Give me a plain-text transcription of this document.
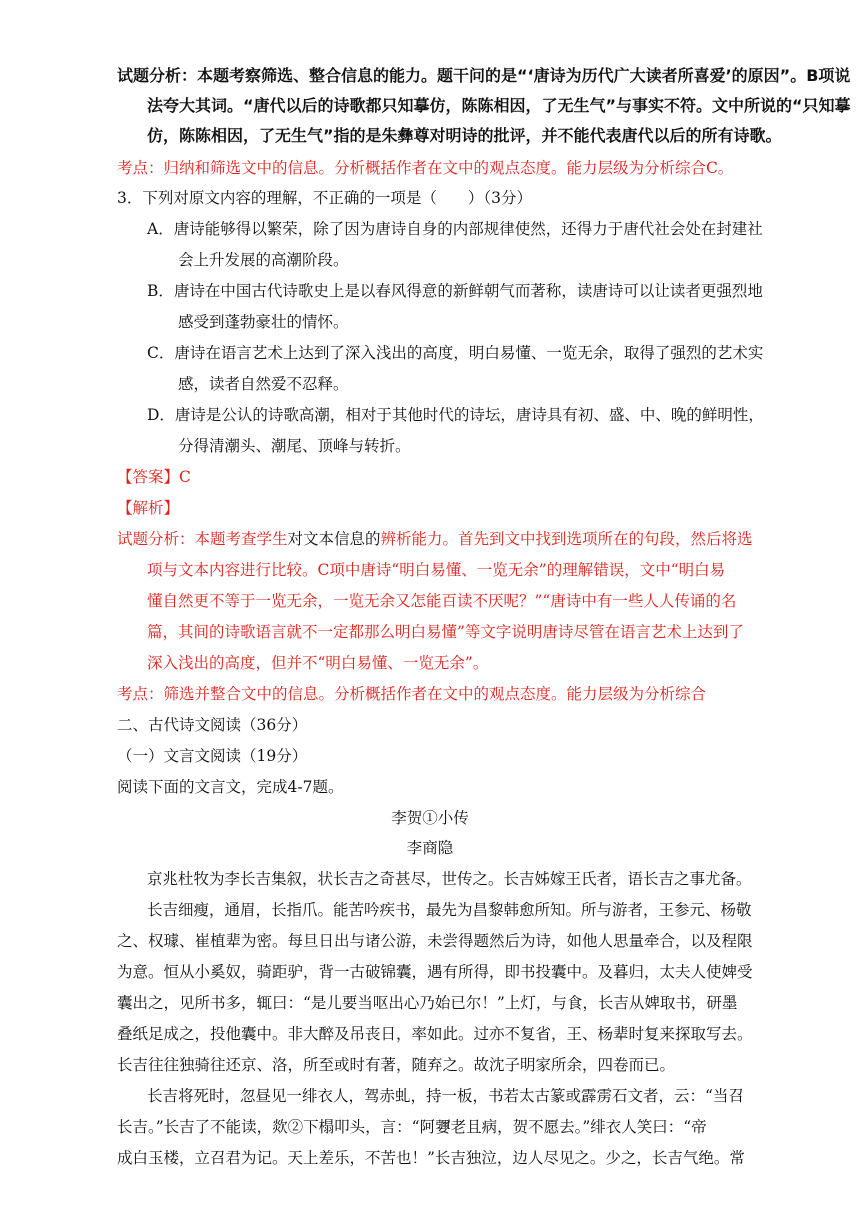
试题分析：本题考察筛选、整合信息的能力。题干问的是“‘唐诗为历代广大读者所喜爱’的原因”。B项说
法夸大其词。“唐代以后的诗歌都只知摹仿，陈陈相因，了无生气”与事实不符。文中所说的“只知摹
仿，陈陈相因，了无生气”指的是朱彝尊对明诗的批评，并不能代表唐代以后的所有诗歌。
考点：归纳和筛选文中的信息。分析概括作者在文中的观点态度。能力层级为分析综合C。
3．下列对原文内容的理解，不正确的一项是（　　）（3分）
A．唐诗能够得以繁荣，除了因为唐诗自身的内部规律使然，还得力于唐代社会处在封建社
会上升发展的高潮阶段。
B．唐诗在中国古代诗歌史上是以春风得意的新鲜朝气而著称，读唐诗可以让读者更强烈地
感受到蓬勃豪壮的情怀。
C．唐诗在语言艺术上达到了深入浅出的高度，明白易懂、一览无余，取得了强烈的艺术实
感，读者自然爱不忍释。
D．唐诗是公认的诗歌高潮，相对于其他时代的诗坛，唐诗具有初、盛、中、晚的鲜明性，
分得清潮头、潮尾、顶峰与转折。
【答案】C
【解析】
试题分析：本题考查学生对文本信息的辨析能力。首先到文中找到选项所在的句段，然后将选
项与文本内容进行比较。C项中唐诗“明白易懂、一览无余”的理解错误，文中“明白易
懂自然更不等于一览无余，一览无余又怎能百读不厌呢？”“唐诗中有一些人人传诵的名
篇，其间的诗歌语言就不一定都那么明白易懂”等文字说明唐诗尽管在语言艺术上达到了
深入浅出的高度，但并不“明白易懂、一览无余”。
考点：筛选并整合文中的信息。分析概括作者在文中的观点态度。能力层级为分析综合
二、古代诗文阅读（36分）
（一）文言文阅读（19分）
阅读下面的文言文，完成4-7题。
李贺①小传
李商隐
京兆杜牧为李长吉集叙，状长吉之奇甚尽，世传之。长吉姊嫁王氏者，语长吉之事尤备。
长吉细瘦，通眉，长指爪。能苦吟疾书，最先为昌黎韩愈所知。所与游者，王参元、杨敬
之、权璩、崔植辈为密。每旦日出与诸公游，未尝得题然后为诗，如他人思量牵合，以及程限
为意。恒从小奚奴，骑距驴，背一古破锦囊，遇有所得，即书投囊中。及暮归，太夫人使婢受
囊出之，见所书多，辄曰：“是儿要当呕出心乃始已尔！”上灯，与食，长吉从婢取书，研墨
叠纸足成之，投他囊中。非大醉及吊丧日，率如此。过亦不复省，王、杨辈时复来探取写去。
长吉往往独骑往还京、洛，所至或时有著，随弃之。故沈子明家所余，四卷而已。
长吉将死时，忽昼见一绯衣人，驾赤虬，持一板，书若太古篆或霹雳石文者，云：“当召
长吉。”长吉了不能读，欻②下榻叩头，言：“阿㜷老且病，贺不愿去。”绯衣人笑曰：“帝
成白玉楼，立召君为记。天上差乐，不苦也！”长吉独泣，边人尽见之。少之，长吉气绝。常
